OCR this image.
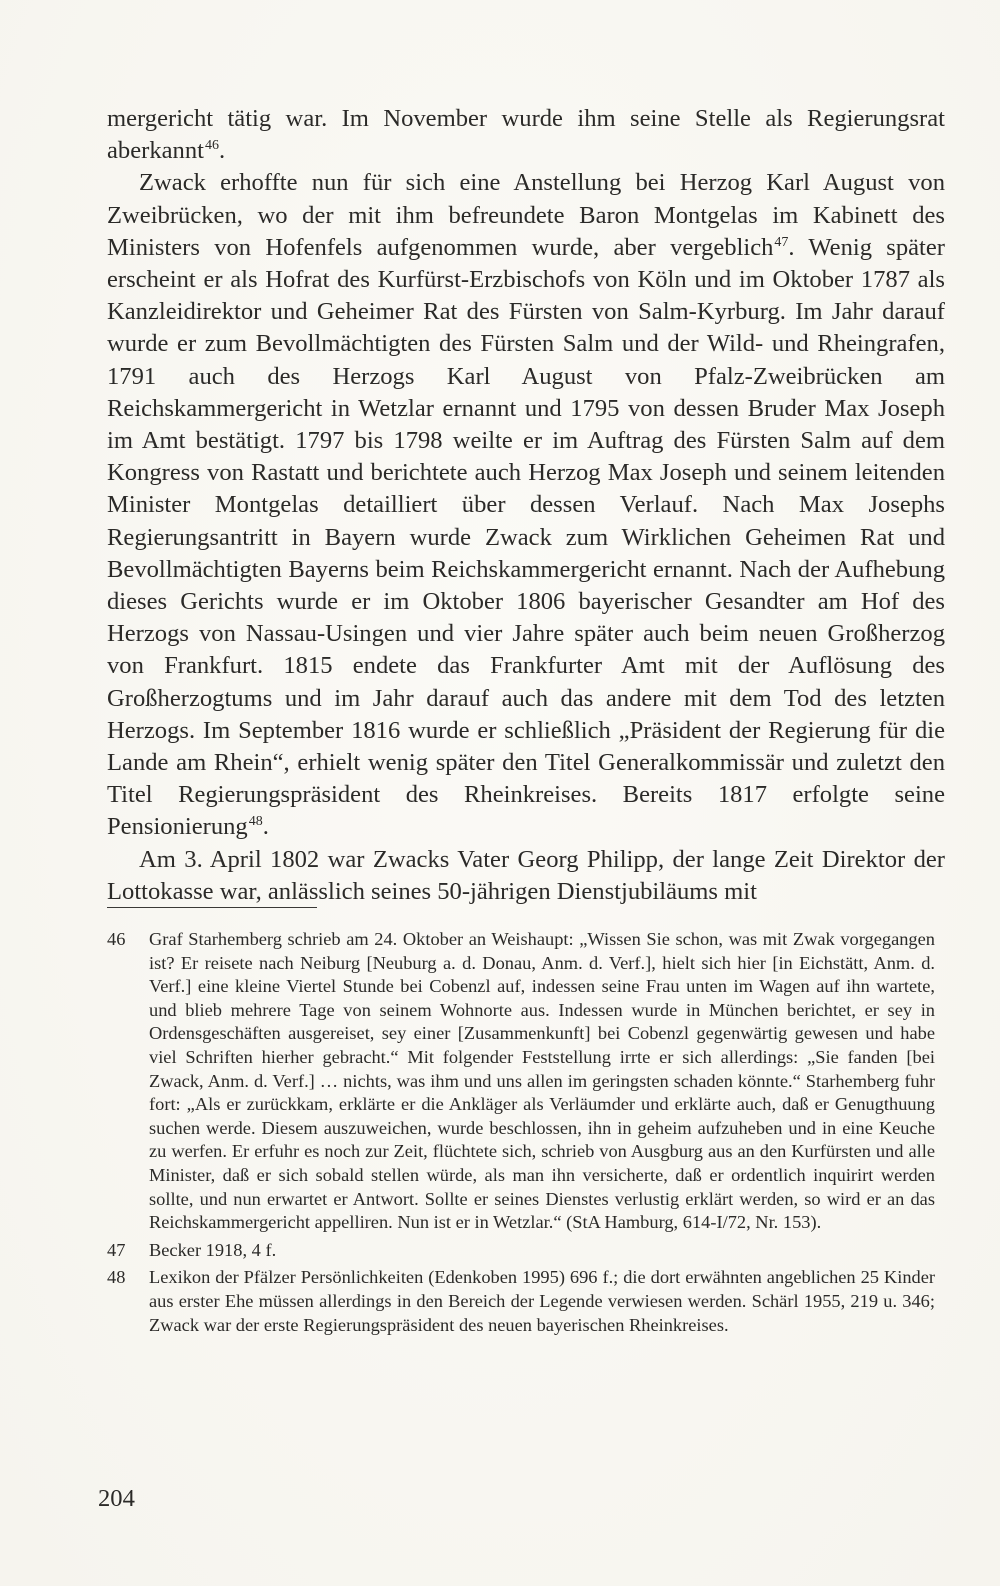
mergericht tätig war. Im November wurde ihm seine Stelle als Regierungsrat aberkannt$^{46}$.

Zwack erhoffte nun für sich eine Anstellung bei Herzog Karl August von Zweibrücken, wo der mit ihm befreundete Baron Montgelas im Kabinett des Ministers von Hofenfels aufgenommen wurde, aber vergeblich$^{47}$. Wenig später erscheint er als Hofrat des Kurfürst-Erzbischofs von Köln und im Oktober 1787 als Kanzleidirektor und Geheimer Rat des Fürsten von Salm-Kyrburg. Im Jahr darauf wurde er zum Bevollmächtigten des Fürsten Salm und der Wild- und Rheingrafen, 1791 auch des Herzogs Karl August von Pfalz-Zweibrücken am Reichskammergericht in Wetzlar ernannt und 1795 von dessen Bruder Max Joseph im Amt bestätigt. 1797 bis 1798 weilte er im Auftrag des Fürsten Salm auf dem Kongress von Rastatt und berichtete auch Herzog Max Joseph und seinem leitenden Minister Montgelas detailliert über dessen Verlauf. Nach Max Josephs Regierungsantritt in Bayern wurde Zwack zum Wirklichen Geheimen Rat und Bevollmächtigten Bayerns beim Reichskammergericht ernannt. Nach der Aufhebung dieses Gerichts wurde er im Oktober 1806 bayerischer Gesandter am Hof des Herzogs von Nassau-Usingen und vier Jahre später auch beim neuen Großherzog von Frankfurt. 1815 endete das Frankfurter Amt mit der Auflösung des Großherzogtums und im Jahr darauf auch das andere mit dem Tod des letzten Herzogs. Im September 1816 wurde er schließlich „Präsident der Regierung für die Lande am Rhein“, erhielt wenig später den Titel Generalkommissär und zuletzt den Titel Regierungspräsident des Rheinkreises. Bereits 1817 erfolgte seine Pensionierung$^{48}$.

Am 3. April 1802 war Zwacks Vater Georg Philipp, der lange Zeit Direktor der Lottokasse war, anlässlich seines 50-jährigen Dienstjubiläums mit

46	Graf Starhemberg schrieb am 24. Oktober an Weishaupt: „Wissen Sie schon, was mit Zwak vorgegangen ist? Er reisete nach Neiburg [Neuburg a. d. Donau, Anm. d. Verf.], hielt sich hier [in Eichstätt, Anm. d. Verf.] eine kleine Viertel Stunde bei Cobenzl auf, indessen seine Frau unten im Wagen auf ihn wartete, und blieb mehrere Tage von seinem Wohnorte aus. Indessen wurde in München berichtet, er sey in Ordensgeschäften ausgereiset, sey einer [Zusammenkunft] bei Cobenzl gegenwärtig gewesen und habe viel Schriften hierher gebracht.“ Mit folgender Feststellung irrte er sich allerdings: „Sie fanden [bei Zwack, Anm. d. Verf.] … nichts, was ihm und uns allen im geringsten schaden könnte.“ Starhemberg fuhr fort: „Als er zurückkam, erklärte er die Ankläger als Verläumder und erklärte auch, daß er Genugthuung suchen werde. Diesem auszuweichen, wurde beschlossen, ihn in geheim aufzuheben und in eine Keuche zu werfen. Er erfuhr es noch zur Zeit, flüchtete sich, schrieb von Ausgburg aus an den Kurfürsten und alle Minister, daß er sich sobald stellen würde, als man ihn versicherte, daß er ordentlich inquirirt werden sollte, und nun erwartet er Antwort. Sollte er seines Dienstes verlustig erklärt werden, so wird er an das Reichskammergericht appelliren. Nun ist er in Wetzlar.“ (StA Hamburg, 614-I/72, Nr. 153).
47	Becker 1918, 4 f.
48	Lexikon der Pfälzer Persönlichkeiten (Edenkoben 1995) 696 f.; die dort erwähnten angeblichen 25 Kinder aus erster Ehe müssen allerdings in den Bereich der Legende verwiesen werden. Schärl 1955, 219 u. 346; Zwack war der erste Regierungspräsident des neuen bayerischen Rheinkreises.
204
